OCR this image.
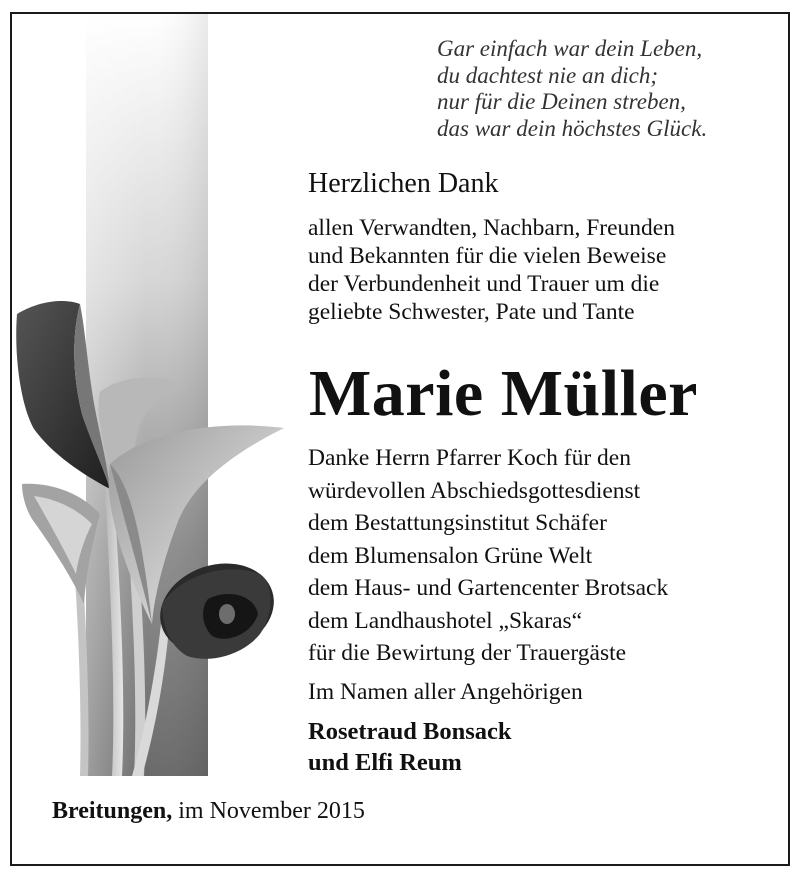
Gar einfach war dein Leben,
du dachtest nie an dich;
nur für die Deinen streben,
das war dein höchstes Glück.
Herzlichen Dank
allen Verwandten, Nachbarn, Freunden
und Bekannten für die vielen Beweise
der Verbundenheit und Trauer um die
geliebte Schwester, Pate und Tante
Marie Müller
Danke Herrn Pfarrer Koch für den
würdevollen Abschiedsgottesdienst
dem Bestattungsinstitut Schäfer
dem Blumensalon Grüne Welt
dem Haus- und Gartencenter Brotsack
dem Landhaushotel „Skaras“
für die Bewirtung der Trauergäste
Im Namen aller Angehörigen
Rosetraud Bonsack
und Elfi Reum
Breitungen, im November 2015
